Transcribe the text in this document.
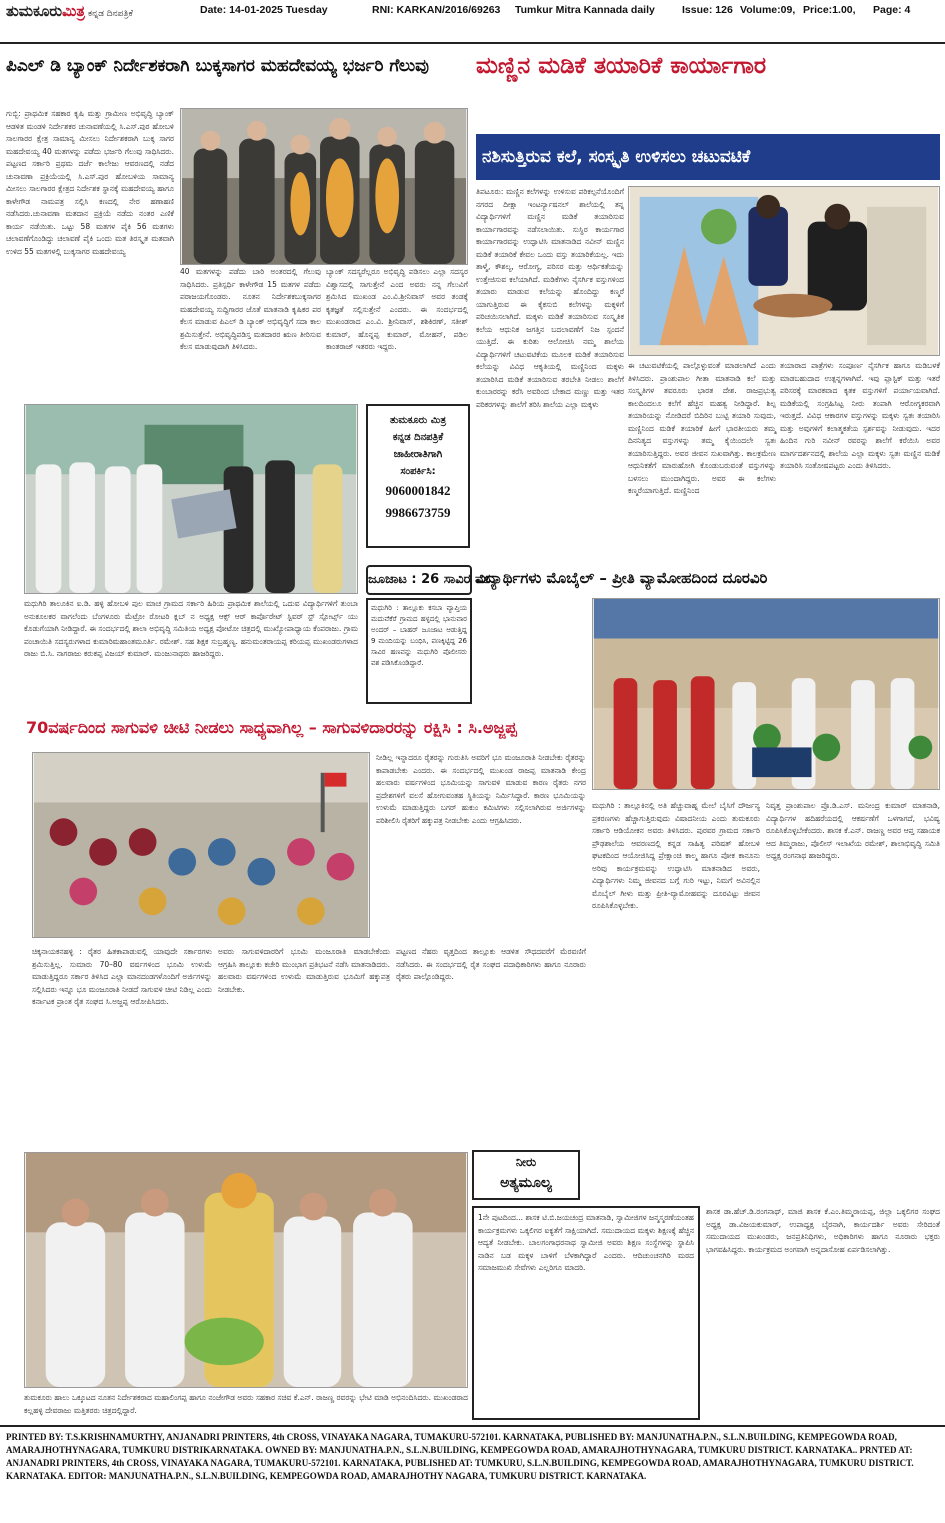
ತುಮಕೂರುಮಿತ್ರ ಕನ್ನಡ ದಿನಪತ್ರಿಕೆ	Date: 14-01-2025 Tuesday	RNI: KARKAN/2016/69263 Tumkur Mitra Kannada daily	Issue: 126 Volume:09, Price:1.00, Page: 4
ಪಿಎಲ್ ಡಿ ಬ್ಯಾಂಕ್ ನಿರ್ದೇಶಕರಾಗಿ ಬುಕ್ಕಸಾಗರ ಮಹದೇವಯ್ಯ ಭರ್ಜರಿ ಗೆಲುವು
ಗುಬ್ಬಿ: ಪ್ರಾಥಮಿಕ ಸಹಕಾರ ಕೃಷಿ ಮತ್ತು ಗ್ರಾಮೀಣ ಅಭಿವೃದ್ಧಿ ಬ್ಯಾಂಕ್ ಆಡಳಿತ ಮಂಡಳಿ ನಿರ್ದೇಶಕರ ಚುನಾವಣೆಯಲ್ಲಿ ಸಿ.ಎಸ್.ಪುರ ಹೋಬಳಿ ಸಾಲಗಾರರ ಕ್ಷೇತ್ರ ಸಾಮಾನ್ಯ ಮೀಸಲು ನಿರ್ದೇಶಕರಾಗಿ ಬುಕ್ಕ ಸಾಗರ ಮಹದೇವಯ್ಯ 40 ಮತಗಳನ್ನು ಪಡೆದು ಭರ್ಜರಿ ಗೆಲುವು ಸಾಧಿಸಿದರು. ಪಟ್ಟಣದ ಸರ್ಕಾರಿ ಪ್ರಥಮ ದರ್ಜೆ ಕಾಲೇಜು ಆವರಣದಲ್ಲಿ ನಡೆದ ಚುನಾವಣಾ ಪ್ರಕ್ರಿಯೆಯಲ್ಲಿ ಸಿ.ಎಸ್.ಪುರ ಹೋಬಳಿಯ ಸಾಮಾನ್ಯ ಮೀಸಲು ಸಾಲಗಾರರ ಕ್ಷೇತ್ರದ ನಿರ್ದೇಶಕ ಸ್ಥಾನಕ್ಕೆ ಮಹದೇವಯ್ಯ ಹಾಗೂ ಕಾಳೇಗೌಡ ನಾಮಪತ್ರ ಸಲ್ಲಿಸಿ ಕಣದಲ್ಲಿ ನೇರ ಹಣಾಹಣಿ ನಡೆಸಿದರು.ಚುನಾವಣಾ ಮತದಾನ ಪ್ರಕ್ರಿಯೆ ನಡೆದು ನಂತರ ಎಣಿಕೆ ಕಾರ್ಯ ನಡೆಯಿತು. ಒಟ್ಟು 58 ಮತಗಳ ಪೈಕಿ 56 ಮತಗಳು ಚಲಾವಣೆಗೊಂಡಿದ್ದು ಚಲಾವಣೆ ಪೈಕಿ ಒಂದು ಮತ ತಿರಸ್ಕೃತ ಮತವಾಗಿ ಉಳಿದ 55 ಮತಗಳಲ್ಲಿ ಬುಕ್ಕಸಾಗರ ಮಹದೇವಯ್ಯ
40 ಮತಗಳನ್ನು ಪಡೆದು ಬಾರಿ ಅಂತರದಲ್ಲಿ ಗೆಲುವು ಸಾಧಿಸಿದರು. ಪ್ರತಿಸ್ಪರ್ಧಿ ಕಾಳೇಗೌಡ 15 ಮತಗಳ ಪಡೆದು ಪರಾಜಯಗೊಂಡರು. ನೂತನ ನಿರ್ದೇಶಕಬುಕ್ಕಸಾಗರ ಮಹದೇವಯ್ಯ ಸುದ್ದಿಗಾರರ ಜೊತೆ ಮಾತನಾಡಿ ಕೃಷಿಕರ ಪರ ಕೆಲಸ ಮಾಡುವ ಪಿಎಲ್ ಡಿ ಬ್ಯಾಂಕ್ ಅಭಿವೃದ್ಧಿಗೆ ಸದಾ ಕಾಲ ಶ್ರಮಿಸುತ್ತೇನೆ. ಅಭಿವೃದ್ಧಿಪಡಿಸ್ತ ಮತದಾರರ ಋಣ ತೀರಿಸುವ ಕೆಲಸ ಮಾಡುವುದಾಗಿ ತಿಳಿಸಿದರು.
ಬ್ಯಾಂಕ್ ಸದಸ್ಯರೆಲ್ಲರೂ ಅಭಿವೃದ್ಧಿ ಪಡಿಸಲು ಎಲ್ಲಾ ಸದಸ್ಯರ ವಿಶ್ವಾಸದಲ್ಲಿ ಸಾಗುತ್ತೇನೆ ಎಂದ ಅವರು ನನ್ನ ಗೆಲುವಿಗೆ ಶ್ರಮಿಸಿದ ಮುಖಂಡ ಎಂ.ವಿ.ಶ್ರೀನಿವಾಸ್ ಅವರ ತಂಡಕ್ಕೆ ಕೃತಜ್ಞತೆ ಸಲ್ಲಿಸುತ್ತೇನೆ ಎಂದರು. ಈ ಸಂದರ್ಭದಲ್ಲಿ ಮುಖಂಡರಾದ ಎಂ.ವಿ. ಶ್ರೀನಿವಾಸ್, ಶಶಿಕಿರಣ್, ಸತೀಶ್ ಕುಮಾರ್, ಹೊನ್ನಪ್ಪ ಕುಮಾರ್, ಮೋಹನ್, ಪಡಿಲ ಕಾಂತರಾಜ್ ಇತರರು ಇದ್ದರು.
ಮಣ್ಣಿನ ಮಡಿಕೆ ತಯಾರಿಕೆ ಕಾರ್ಯಾಗಾರ
ನಶಿಸುತ್ತಿರುವ ಕಲೆ, ಸಂಸ್ಕೃತಿ ಉಳಿಸಲು ಚಟುವಟಿಕೆ
ತಿಪಟೂರು: ಮಣ್ಣಿನ ಕಲೆಗಳನ್ನು ಉಳಿಸುವ ಪರಿಕಲ್ಪನೆಯೊಂದಿಗೆ ನಗರದ ದೀಕ್ಷಾ ಇಂಟರ್ನ್ಯಾಷನಲ್ ಶಾಲೆಯಲ್ಲಿ ತನ್ನ ವಿದ್ಯಾರ್ಥಿಗಳಿಗೆ ಮಣ್ಣಿನ ಮಡಿಕೆ ತಯಾರಿಸುವ ಕಾರ್ಯಾಗಾರವನ್ನು ನಡೆಸಲಾಯಿತು. ಸುಸ್ಥಿರ ಕಾರ್ಯಗಾರ ಕಾರ್ಯಾಗಾರವನ್ನು ಉದ್ಘಾಟಿಸಿ ಮಾತನಾಡಿದ ನವೀನ್ ಮಣ್ಣಿನ ಮಡಿಕೆ ತಯಾರಿಕೆ ಕೇವಲ ಒಂದು ವಸ್ತು ತಯಾರಿಕೆಯಲ್ಲ. ಇದು ತಾಳ್ಮೆ, ಕೌಶಲ್ಯ, ಆರೋಗ್ಯ, ಪರಿಸರ ಮತ್ತು ಆರ್ಥಿಕತೆಯನ್ನು ಉತ್ತೇಜಿಸುವ ಕಲೆಯಾಗಿದೆ. ಮಡಿಕೆಗಳು ನೈಸರ್ಗಿಕ ವಸ್ತುಗಳಿಂದ ತಯಾರು ಮಾಡುವ ಕಲೆಯನ್ನು ಹೊಂದಿದ್ದು ಕಣ್ಮರೆ ಯಾಗುತ್ತಿರುವ ಈ ಕೈಕಸುಬಿ ಕಲೆಗಳನ್ನು ಮಕ್ಕಳಿಗೆ ಪರಿಚಯಿಸಲಾಗಿದೆ. ಮಕ್ಕಳು ಮಡಿಕೆ ತಯಾರಿಸುವ ಸಂಸ್ಕೃತಿಕ ಕಲೆಯ ಆಧುನಿಕ ಜಗತ್ತಿನ ಬದಲಾವಣೆಗೆ ನಿಜ ಸ್ಪಂದನೆ ಯುತ್ತಿದೆ. ಈ ಕುರಿತು ಆಲೋಚಿಸಿ ನಮ್ಮ ಶಾಲೆಯ ವಿದ್ಯಾರ್ಥಿಗಳಿಗೆ ಚಟುವಟಿಕೆಯ ಮೂಲಕ ಮಡಿಕೆ ತಯಾರಿಸುವ ಕಲೆಯನ್ನು ವಿವಿಧ ಆಕೃತಿಯಲ್ಲಿ ಮಣ್ಣಿನಿಂದ ಮಕ್ಕಳು ತಯಾರಿಸಿದ ಮಡಿಕೆ ತಯಾರಿಸುವ ತರಬೇತಿ ನೀಡಲು ಶಾಲೆಗೆ ಕುಂಬಾರರನ್ನು ಕರೆಸಿ ಅವರಿಂದ ಬೇಕಾದ ಮಣ್ಣು ಮತ್ತು ಇತರ ಪರಿಕರಗಳನ್ನು ಶಾಲೆಗೆ ತರಿಸಿ ಶಾಲೆಯ ಎಲ್ಲಾ ಮಕ್ಕಳು
ಈ ಚಟುವಟಿಕೆಯಲ್ಲಿ ಪಾಲ್ಗೊಳ್ಳುವಂತೆ ಮಾಡಲಾಗಿದೆ ಎಂದು ತಿಳಿಸಿದರು. ಪ್ರಾಂಶುಪಾಲ ಗೀತಾ ಮಾತನಾಡಿ ಕಲೆ ಮತ್ತು ಸಂಸ್ಕೃತಿಗಳ ತವರೂರು ಭಾರತ ದೇಶ. ರಾಜಪ್ರಭುತ್ವ ಕಾಲದಿಂದಲೂ ಕಲೆಗೆ ಹೆಚ್ಚಿನ ಮಹತ್ವ ನೀಡಿದ್ದಾರೆ. ಶಿಲ್ಪ ತಯಾರಿಯನ್ನು ನೋಡಿದರೆ ಬಿದಿರಿನ ಬುಟ್ಟಿ ತಯಾರಿ ಸುವುದು, ಮಣ್ಣಿನಿಂದ ಮಡಿಕೆ ತಯಾರಿಕೆ ಹೀಗೆ ಭಾರತೀಯರು ತಮ್ಮ ದಿನನಿತ್ಯದ ವಸ್ತುಗಳನ್ನು ತಮ್ಮ ಕೈಯಿಂದಲೇ ಸ್ವತಃ ತಯಾರಿಸುತ್ತಿದ್ದರು. ಅವರ ಜೀವನ ಸುಖವಾಗಿತ್ತು. ಕಾಲಕ್ರಮೇಣ ಆಧುನಿಕತೆಗೆ ಮಾರುಹೋಗಿ ಕೊಂಡುಬರುವಂತೆ ವಸ್ತುಗಳನ್ನು ಬಳಸಲು ಮುಂದಾಗಿದ್ದರು. ಅವರ ಈ ಕಲೆಗಳು ಕಣ್ಮರೆಯಾಗುತ್ತಿದೆ. ಮಣ್ಣಿನಿಂದ
ತಯಾರಾದ ಪಾತ್ರೆಗಳು ಸಂಪೂರ್ಣ ನೈಸರ್ಗಿಕ ಹಾಗೂ ಮಡಿಬಳಕೆ ಮಾಡಬಹುದಾದ ಉತ್ಪನ್ನಗಳಾಗಿವೆ. ಇವು ಪ್ಲಾಸ್ಟಿಕ್ ಮತ್ತು ಇತರೆ ಪರಿಸರಕ್ಕೆ ಮಾರಕವಾದ ಕೃತಕ ವಸ್ತುಗಳಿಗೆ ಪರ್ಯಾಯವಾಗಿದೆ. ಮಡಿಕೆಯಲ್ಲಿ ಸಂಗ್ರಹಿಸಿಟ್ಟ ನೀರು ತಂಪಾಗಿ ಆರೋಗ್ಯಕರವಾಗಿ ಇರುತ್ತದೆ. ವಿವಿಧ ಆಕಾರಗಳ ವಸ್ತುಗಳನ್ನು ಮಕ್ಕಳು ಸ್ವತಃ ತಯಾರಿಸಿ ಮತ್ತು ಅವುಗಳಿಗೆ ಕಲಾತ್ಮಕತೆಯ ಸ್ಪರ್ಶವನ್ನು ನೀಡುವುದು. ಇದರ ಹಿಂದಿನ ಗುರಿ ನವೀನ್ ರವರನ್ನು ಶಾಲೆಗೆ ಕರೆಯಿಸಿ ಅವರ ಮಾರ್ಗದರ್ಶನದಲ್ಲಿ ಶಾಲೆಯ ಎಲ್ಲಾ ಮಕ್ಕಳು ಸ್ವತಃ ಮಣ್ಣಿನ ಮಡಿಕೆ ತಯಾರಿಸಿ ಸಂತೋಷಪಟ್ಟರು ಎಂದು ತಿಳಿಸಿದರು.
ಮಧುಗಿರಿ ತಾಲೂಕಿನ ಐ.ಡಿ. ಹಳ್ಳಿ ಹೋಬಳಿ ಪುಲ ಮಾಚ ಗ್ರಾಮದ ಸರ್ಕಾರಿ ಹಿರಿಯ ಪ್ರಾಥಮಿಕ ಶಾಲೆಯಲ್ಲಿ ಒದುವ ವಿದ್ಯಾರ್ಥಿಗಳಿಗೆ ತುಂಬಾ ಅನುಕೂಲಕರ ವಾಗಲೆಂದು ಬೆಂಗಳೂರು ಮೆಟ್ರೋ ರೋಟರಿ ಕ್ಲಬ್ ನ ಅಧ್ಯಕ್ಷ ಆಕ್ಸ್ ಆರ್ ಕಾರ್ಪೊರೇಟ್ ಸ್ಟಿವರ್ ಸ್ಟ್ ಸ್ಪೋರ್ಟ್ಸ್ ಯು ಕೊಡುಗೆಯಾಗಿ ನೀಡಿದ್ದಾರೆ. ಈ ಸಂದರ್ಭದಲ್ಲಿ ಶಾಲಾ ಅಭಿವೃದ್ಧಿ ಸಮಿತಿಯ ಅಧ್ಯಕ್ಷ ಪೋಟೋ ಚಿತ್ರದಲ್ಲಿ ಮುಖ್ಯೋಪಾಧ್ಯಾಯ ಕೆಂಪರಾಜು. ಗ್ರಾಮ ಪಂಚಾಯಿತಿ ಸದಸ್ಯರುಗಳಾದ ಕುಮಾರಿಮಹಾಂತಮೂರ್ತಿ. ರಮೇಶ್. ಸಹ ಶಿಕ್ಷಕ ಸುಬ್ರಹ್ಮಣ್ಯ. ಹನುಮಂತರಾಯಪ್ಪ ಕರಿಯಪ್ಪ ಮುಖಂಡರುಗಳಾದ ರಾಜು ಬಿ.ಸಿ. ನಾಗರಾಜು ಕರುಕಪ್ಪ ವಿಜಯ್ ಕುಮಾರ್. ಮಂಜುನಾಥರು ಹಾಜರಿದ್ದರು.
ತುಮಕೂರು ಮಿತ್ರ
ಕನ್ನಡ ದಿನಪತ್ರಿಕೆ
ಜಾಹೀರಾತಿಗಾಗಿ
ಸಂಪರ್ಕಿಸಿ:
9060001842
9986673759
ಜೂಜಾಟ : 26 ಸಾವಿರ ವಶ
ಮಧುಗಿರಿ : ತಾಲ್ಲೂಕು ಕಸಬಾ ವ್ಯಾಪ್ತಿಯ ಮದುವೆಕೆರೆ ಗ್ರಾಮದ ಹಳ್ಳದಲ್ಲಿ ಭಾನುವಾರ ಅಂದರ್ – ಬಾಹರ್ ಜೂಜಾಟ ಆಡುತ್ತಿದ್ದ 9 ಮಂದಿಯನ್ನು ಬಂಧಿಸಿ, ಪಣಕ್ಕಿಟ್ಟಿದ್ದ 26 ಸಾವಿರ ಹಣವನ್ನು ಮಧುಗಿರಿ ಪೊಲೀಸರು ವಶ ಪಡಿಸಿಕೊಂಡಿದ್ದಾರೆ.
ವಿದ್ಯಾರ್ಥಿಗಳು ಮೊಬೈಲ್ – ಪ್ರೀತಿ ವ್ಯಾಮೋಹದಿಂದ ದೂರವಿರಿ
70ವರ್ಷದಿಂದ ಸಾಗುವಳಿ ಚೀಟಿ ನೀಡಲು ಸಾಧ್ಯವಾಗಿಲ್ಲ – ಸಾಗುವಳಿದಾರರನ್ನು ರಕ್ಷಿಸಿ : ಸಿ.ಅಜ್ಜಪ್ಪ
ನೀಡಿಲ್ಲ ಇನ್ನಾದರೂ ರೈತರನ್ನು ಗುರುತಿಸಿ ಅವರಿಗೆ ಭೂ ಮಂಜೂರಾತಿ ನೀಡಬೇಕು ರೈತರನ್ನು ಕಾಪಾಡಬೇಕು ಎಂದರು. ಈ ಸಂದರ್ಭದಲ್ಲಿ ಮುಖಂಡ ರಾಜಪ್ಪ ಮಾತನಾಡಿ ಕೇಂದ್ರ ಹಲವಾರು ವರ್ಷಗಳಿಂದ ಭೂಮಿಯನ್ನು ಸಾಗುವಳಿ ಮಾಡುವ ಕಾರಣ ರೈತರು ನಗರ ಪ್ರದೇಶಗಳಿಗೆ ವಲಸೆ ಹೋಗುವಂತಹ ಸ್ಥಿತಿಯನ್ನು ನಿರ್ಮಿಸಿದ್ದಾರೆ. ಕಾರಣ ಭೂಮಿಯನ್ನು ಉಳುಮೆ ಮಾಡುತ್ತಿದ್ದರು ಬಗರ್ ಹುಕುಂ ಕಮಿಟಿಗಳು ಸಲ್ಲಿಸಲಾಗಿರುವ ಅರ್ಜಿಗಳನ್ನು ಪರಿಶೀಲಿಸಿ ರೈತರಿಗೆ ಹಕ್ಕುಪತ್ರ ನೀಡಬೇಕು ಎಂದು ಆಗ್ರಹಿಸಿದರು.
ಚಿಕ್ಕನಾಯಕನಹಳ್ಳಿ : ರೈತರ ಹಿತಕಾಪಾಡುವಲ್ಲಿ ಯಾವುದೇ ಸರ್ಕಾರಗಳು ಶ್ರಮಿಸುತ್ತಿಲ್ಲ. ಸುಮಾರು 70–80 ವರ್ಷಗಳಿಂದ ಭೂಮಿ ಉಳುಮೆ ಮಾಡುತ್ತಿದ್ದರೂ ಸರ್ಕಾರ ತಿಳಿಸಿದ ಎಲ್ಲಾ ಮಾನದಂಡಗಳೊಂದಿಗೆ ಅರ್ಜಿಗಳನ್ನು ಸಲ್ಲಿಸಿದರು ಇನ್ನೂ ಭೂ ಮಂಜೂರಾತಿ ನೀಡದೆ ಸಾಗುವಳಿ ಚೀಟಿ ನಿಡಿಲ್ಲ ಎಂದು ಕರ್ನಾಟಕ ಪ್ರಾಂತ ರೈತ ಸಂಘದ ಸಿ.ಅಜ್ಜಪ್ಪ ಆರೋಪಿಸಿದರು.
ಅವರು ಸಾಗುವಳಿದಾರರಿಗೆ ಭೂಮಿ ಮಂಜೂರಾತಿ ಮಾಡಬೇಕೆಂದು ಆಗ್ರಹಿಸಿ ತಾಲ್ಲೂಕು ಕಚೇರಿ ಮುಂಭಾಗ ಪ್ರತಿಭಟನೆ ನಡೆಸಿ ಮಾತನಾಡಿದರು. ಹಲವಾರು ವರ್ಷಗಳಿಂದ ಉಳುಮೆ ಮಾಡುತ್ತಿರುವ ಭೂಮಿಗೆ ಹಕ್ಕುಪತ್ರ ನೀಡಬೇಕು.
ಪಟ್ಟಣದ ನೆಹರು ವೃತ್ತದಿಂದ ತಾಲ್ಲೂಕು ಆಡಳಿತ ಸೌಧದವರೆಗೆ ಮೆರವಣಿಗೆ ನಡೆಸಿದರು. ಈ ಸಂದರ್ಭದಲ್ಲಿ ರೈತ ಸಂಘದ ಪದಾಧಿಕಾರಿಗಳು ಹಾಗೂ ನೂರಾರು ರೈತರು ಪಾಲ್ಗೊಂಡಿದ್ದರು.
ಮಧುಗಿರಿ : ತಾಲ್ಲೂಕಿನಲ್ಲಿ ಅತಿ ಹೆಚ್ಚುವಾಹ್ನ ಮೇಲೆ ಬೈಸಿಗೆ ದೌರ್ಜನ್ಯ ಪ್ರಕರಣಗಳು ಹೆಚ್ಚಾಗುತ್ತಿರುವುದು ವಿಷಾದನೀಯ ಎಂದು ತುಮಕೂರು ಸರ್ಕಾರಿ ಆಡಿಯೋಕನ ಅವರು ತಿಳಿಸಿದರು. ಪುರವರ ಗ್ರಾಮದ ಸರ್ಕಾರಿ ಪ್ರೌಢಶಾಲೆಯ ಆವರಣದಲ್ಲಿ ಕನ್ನಡ ಸಾಹಿತ್ಯ ಪರಿಷತ್ ಹೋಬಳಿ ಘಟಕದಿಂದ ಆಯೋಜಿಸಿದ್ದ ಪ್ರೇಕ್ಷಾಂಚಿ ಕಾಲ್ಮ ಹಾಗೂ ಪೋಕ ಕಾನೂನು ಅರಿವು ಕಾರ್ಯಕ್ರಮವನ್ನು ಉದ್ಘಾಟಿಸಿ ಮಾತನಾಡಿದ ಅವರು, ವಿದ್ಯಾರ್ಥಿಗಳು ನಿಮ್ಮ ಜೀವನದ ಬಗ್ಗೆ ಗುರಿ ಇಟ್ಟು, ನಿಮಗೆ ಅವಿನಲ್ಲಿನ ಮೊಬೈಲ್ ಗೀಳು ಮತ್ತು ಪ್ರೀತಿ-ವ್ಯಾಮೋಹವನ್ನು ದೂರವಿಟ್ಟು ಜೀವನ ರೂಪಿಸಿಕೊಳ್ಳಬೇಕು.
ನಿವೃತ್ತ ಪ್ರಾಂಶುಪಾಲ ಪ್ರೊ.ಡಿ.ಎಸ್. ಮನೀಂದ್ರ ಕುಮಾರ್ ಮಾತನಾಡಿ, ವಿದ್ಯಾರ್ಥಿಗಳ ಹದಿಹರೆಯದಲ್ಲಿ ಆಕರ್ಷಣೆಗೆ ಒಳಗಾಗದೆ, ಭವಿಷ್ಯ ರೂಪಿಸಿಕೊಳ್ಳಬೇಕೆಂದರು. ಶಾಸಕ ಕೆ.ಎನ್. ರಾಜಣ್ಣ ಅವರ ಆಪ್ತ ಸಹಾಯಕ ಆದ ತಿಮ್ಮರಾಜು, ಪೊಲೀಸ್ ಇಲಾಖೆಯ ರಮೇಶ್, ಶಾಲಾಭಿವೃದ್ಧಿ ಸಮಿತಿ ಅಧ್ಯಕ್ಷ ರಂಗನಾಥ ಹಾಜರಿದ್ದರು.
ನೀರು
ಅತ್ಯಮೂಲ್ಯ
ತುಮಕೂರು ಹಾಲು ಒಕ್ಕೂಟದ ನೂತನ ನಿರ್ದೇಶಕರಾದ ಮಹಾಲಿಂಗಪ್ಪ ಹಾಗೂ ನಂಜೇಗೌಡ ಅವರು ಸಹಕಾರ ಸಚಿವ ಕೆ.ಎನ್. ರಾಜಣ್ಣ ರವರನ್ನು ಭೇಟಿ ಮಾಡಿ ಅಭಿನಂದಿಸಿದರು. ಮುಖಂಡರಾದ ಕಲ್ಲಹಳ್ಳಿ ದೇವರಾಜು ಮತ್ತಿತರರು ಚಿತ್ರದಲ್ಲಿದ್ದಾರೆ.
1ನೇ ಪುಟದಿಂದ... ಶಾಸಕ ಟಿ.ಬಿ.ಜಯಚಂದ್ರ ಮಾತನಾಡಿ, ಸ್ವಾಮೀಜಿಗಳ ಜನ್ಮಸ್ಮರಣೆಯಂತಹ ಕಾರ್ಯಕ್ರಮಗಳು ಒಕ್ಕಲಿಗರ ಐಕ್ಯತೆಗೆ ಸಾಕ್ಷಿಯಾಗಿದೆ. ಸಮುದಾಯದ ಮಕ್ಕಳು ಶಿಕ್ಷಣಕ್ಕೆ ಹೆಚ್ಚಿನ ಆದ್ಯತೆ ನೀಡಬೇಕು. ಬಾಲಗಂಗಾಧರನಾಥ ಸ್ವಾಮೀಜಿ ಅವರು ಶಿಕ್ಷಣ ಸಂಸ್ಥೆಗಳನ್ನು ಸ್ಥಾಪಿಸಿ ನಾಡಿನ ಬಡ ಮಕ್ಕಳ ಬಾಳಿಗೆ ಬೆಳಕಾಗಿದ್ದಾರೆ ಎಂದರು. ಆದಿಚುಂಚನಗಿರಿ ಮಠದ ಸಮಾಜಮುಖಿ ಸೇವೆಗಳು ಎಲ್ಲರಿಗೂ ಮಾದರಿ.
ಶಾಸಕ ಡಾ.ಹೆಚ್.ಡಿ.ರಂಗನಾಥ್, ಮಾಜಿ ಶಾಸಕ ಕೆ.ಎಂ.ತಿಮ್ಮರಾಯಪ್ಪ, ಜಿಲ್ಲಾ ಒಕ್ಕಲಿಗರ ಸಂಘದ ಅಧ್ಯಕ್ಷ ಡಾ.ವಿಜಯಕುಮಾರ್, ಉಪಾಧ್ಯಕ್ಷ ಬೈರನಾಗಿ, ಕಾರ್ಯದರ್ಶಿ ಅವರು ಸೇರಿದಂತೆ ಸಮುದಾಯದ ಮುಖಂಡರು, ಜನಪ್ರತಿನಿಧಿಗಳು, ಅಧಿಕಾರಿಗಳು ಹಾಗೂ ನೂರಾರು ಭಕ್ತರು ಭಾಗವಹಿಸಿದ್ದರು. ಕಾರ್ಯಕ್ರಮದ ಅಂಗವಾಗಿ ಅನ್ನದಾಸೋಹ ಏರ್ಪಡಿಸಲಾಗಿತ್ತು.
PRINTED BY: T.S.KRISHNAMURTHY, ANJANADRI PRINTERS, 4th CROSS, VINAYAKA NAGARA, TUMAKURU-572101. KARNATAKA, PUBLISHED BY: MANJUNATHA.P.N., S.L.N.BUILDING, KEMPEGOWDA ROAD, AMARAJHOTHYNAGARA, TUMKURU DISTRIKARNATAKA. OWNED BY: MANJUNATHA.P.N., S.L.N.BUILDING, KEMPEGOWDA ROAD, AMARAJHOTHYNAGARA, TUMKURU DISTRICT. KARNATAKA.. PRNTED AT: ANJANADRI PRINTERS, 4th CROSS, VINAYAKA NAGARA, TUMAKURU-572101. KARNATAKA, PUBLISHED AT: TUMKURU, S.L.N.BUILDING, KEMPEGOWDA ROAD, AMARAJHOTHYNAGARA, TUMKURU DISTRICT. KARNATAKA. EDITOR: MANJUNATHA.P.N., S.L.N.BUILDING, KEMPEGOWDA ROAD, AMARAJHOTHY NAGARA, TUMKURU DISTRICT. KARNATAKA.
